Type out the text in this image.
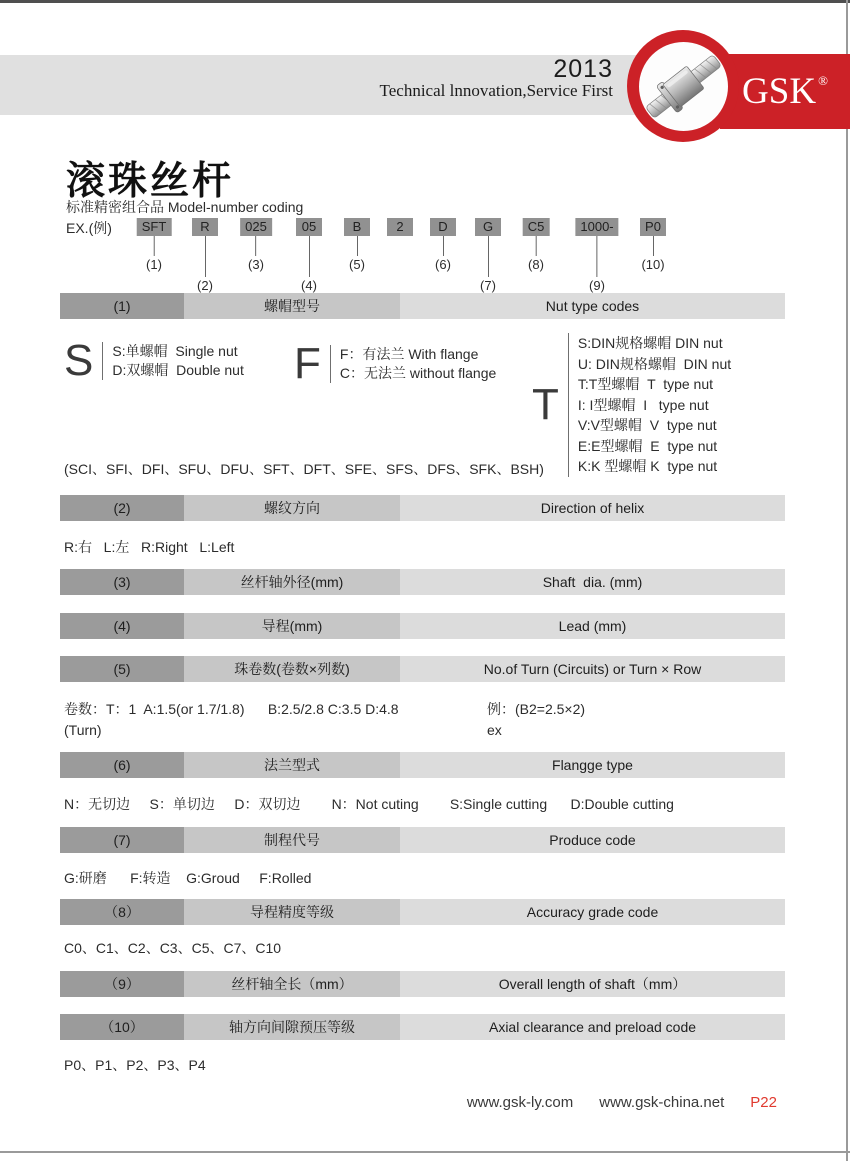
2013
Technical lnnovation,Service First	GSK®
滚珠丝杆
标准精密组合品 Model-number coding
EX.(例)	SFT
(1)
R
(2)
025
(3)
05
(4)
B
(5)
2	D
(6)
G
(7)
C5
(8)
1000-
(9)
P0
(10)
(1)	螺帽型号	Nut type codes
S S:单螺帽  Single nut
D:双螺帽  Double nut F F：有法兰 With flange
C：无法兰 without flange
T
S:DIN规格螺帽 DIN nut
U: DIN规格螺帽  DIN nut
T:T型螺帽  T  type nut
I: I型螺帽  I   type nut
V:V型螺帽  V  type nut
E:E型螺帽  E  type nut
K:K 型螺帽 K  type nut
(SCI、SFI、DFI、SFU、DFU、SFT、DFT、SFE、SFS、DFS、SFK、BSH)
(2)	螺纹方向	Direction of helix
R:右   L:左   R:Right   L:Left
(3)	丝杆轴外径(mm)	Shaft  dia. (mm)
(4)	导程(mm)	Lead (mm)
(5)	珠卷数(卷数×列数)	No.of Turn (Circuits) or Turn × Row
卷数：T：1  A:1.5(or 1.7/1.8)      B:2.5/2.8 C:3.5 D:4.8
(Turn)
例：(B2=2.5×2)
ex
(6)	法兰型式	Flangge type
N：无切边     S：单切边     D：双切边        N：Not cuting        S:Single cutting      D:Double cutting
(7)	制程代号	Produce code
G:研磨      F:转造    G:Groud     F:Rolled
（8）	导程精度等级	Accuracy grade code
C0、C1、C2、C3、C5、C7、C10
（9）	丝杆轴全长（mm）	Overall length of shaft（mm）
（10）	轴方向间隙预压等级	Axial clearance and preload code
P0、P1、P2、P3、P4
www.gsk-ly.com www.gsk-china.net P22
